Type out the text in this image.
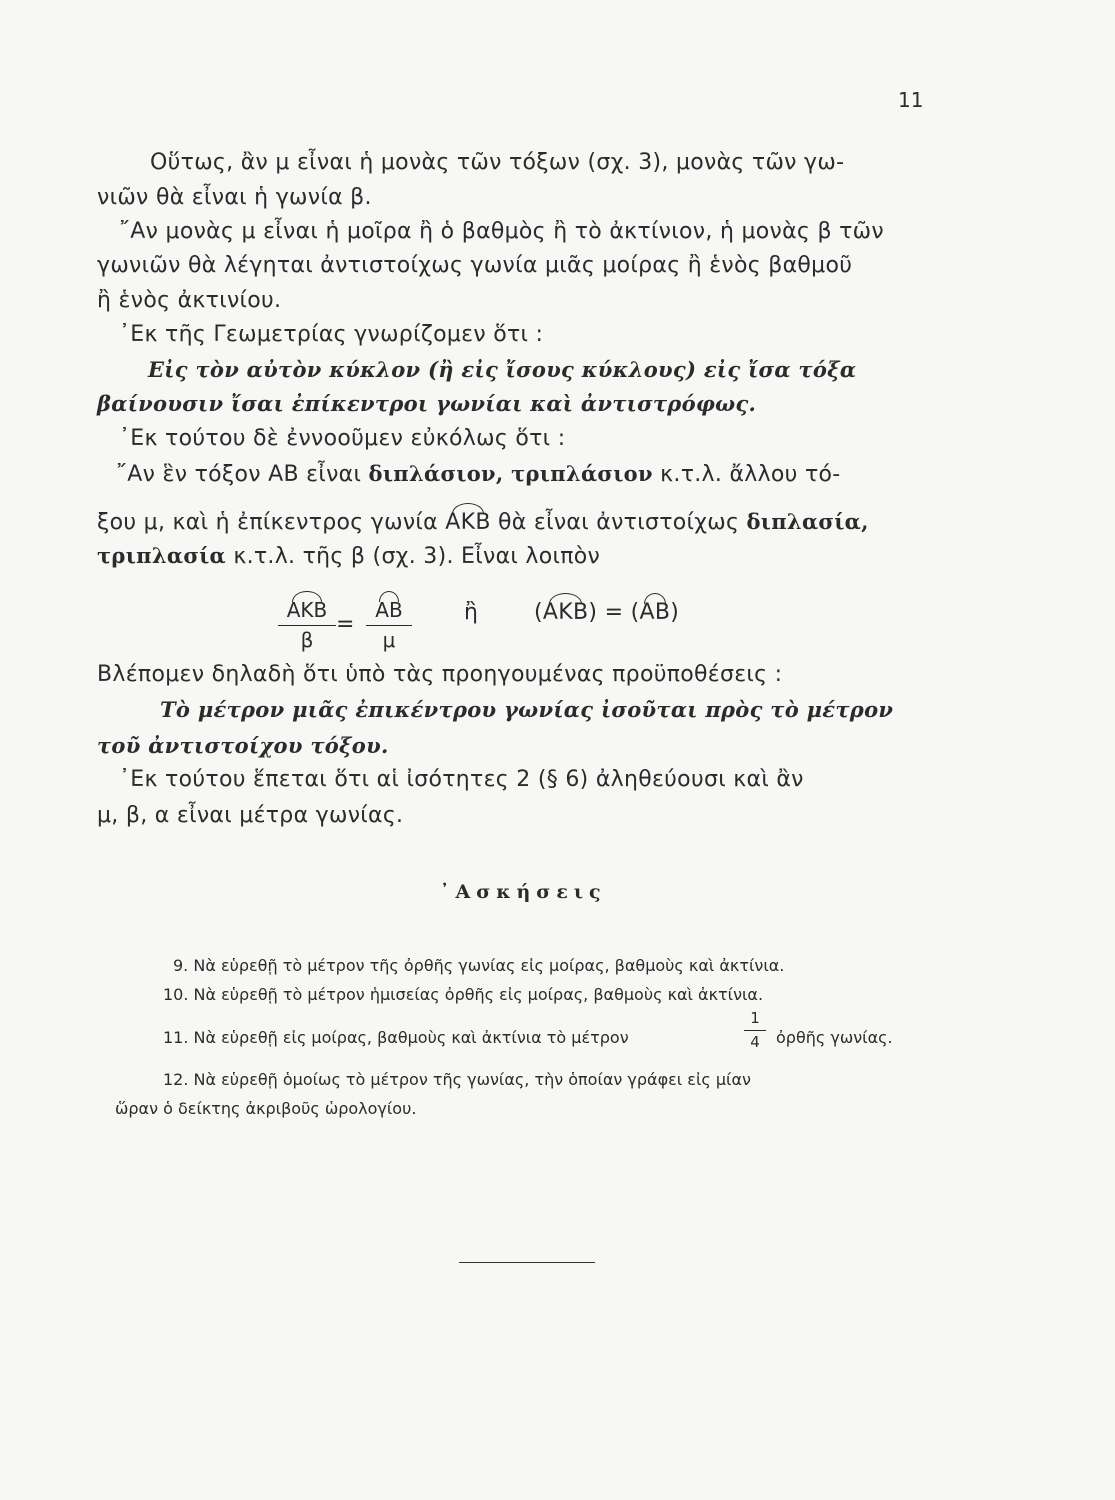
11
Οὕτως, ἂν μ εἶναι ἡ μονὰς τῶν τόξων (σχ. 3), μονὰς τῶν γω-
νιῶν θὰ εἶναι ἡ γωνία β.
῎Αν μονὰς μ εἶναι ἡ μοῖρα ἢ ὁ βαθμὸς ἢ τὸ ἀκτίνιον, ἡ μονὰς β τῶν
γωνιῶν θὰ λέγηται ἀντιστοίχως γωνία μιᾶς μοίρας ἢ ἑνὸς βαθμοῦ
ἢ ἑνὸς ἀκτινίου.
᾽Εκ τῆς Γεωμετρίας γνωρίζομεν ὅτι :
Εἰς τὸν αὐτὸν κύκλον (ἢ εἰς ἴσους κύκλους) εἰς ἴσα τόξα
βαίνουσιν ἴσαι ἐπίκεντροι γωνίαι καὶ ἀντιστρόφως.
᾽Εκ τούτου δὲ ἐννοοῦμεν εὐκόλως ὅτι :
῎Αν ἓν τόξον ΑΒ εἶναι διπλάσιον, τριπλάσιον κ.τ.λ. ἄλλου τό-
ξου μ, καὶ ἡ ἐπίκεντρος γωνία ΑΚΒ θὰ εἶναι ἀντιστοίχως διπλασία,
τριπλασία κ.τ.λ. τῆς β (σχ. 3). Εἶναι λοιπὸν
ΑΚΒ
β
= $\frac{AB}{\mu}$ ἢ	(ΑΚΒ) = (ΑΒ)
Βλέπομεν δηλαδὴ ὅτι ὑπὸ τὰς προηγουμένας προϋποθέσεις :
Τὸ μέτρον μιᾶς ἐπικέντρου γωνίας ἰσοῦται πρὸς τὸ μέτρον
τοῦ ἀντιστοίχου τόξου.
᾽Εκ τούτου ἕπεται ὅτι αἱ ἰσότητες 2 (§ 6) ἀληθεύουσι καὶ ἂν
μ, β, α εἶναι μέτρα γωνίας.
᾽Ασκήσεις
9. Νὰ εὑρεθῇ τὸ μέτρον τῆς ὀρθῆς γωνίας εἰς μοίρας, βαθμοὺς καὶ ἀκτίνια.
10. Νὰ εὑρεθῇ τὸ μέτρον ἡμισείας ὀρθῆς εἰς μοίρας, βαθμοὺς καὶ ἀκτίνια.
11. Νὰ εὑρεθῇ εἰς μοίρας, βαθμοὺς καὶ ἀκτίνια τὸ μέτρον	$\frac{1}{4}$ ὀρθῆς γωνίας.
12. Νὰ εὑρεθῇ ὁμοίως τὸ μέτρον τῆς γωνίας, τὴν ὁποίαν γράφει εἰς μίαν
ὥραν ὁ δείκτης ἀκριβοῦς ὡρολογίου.
